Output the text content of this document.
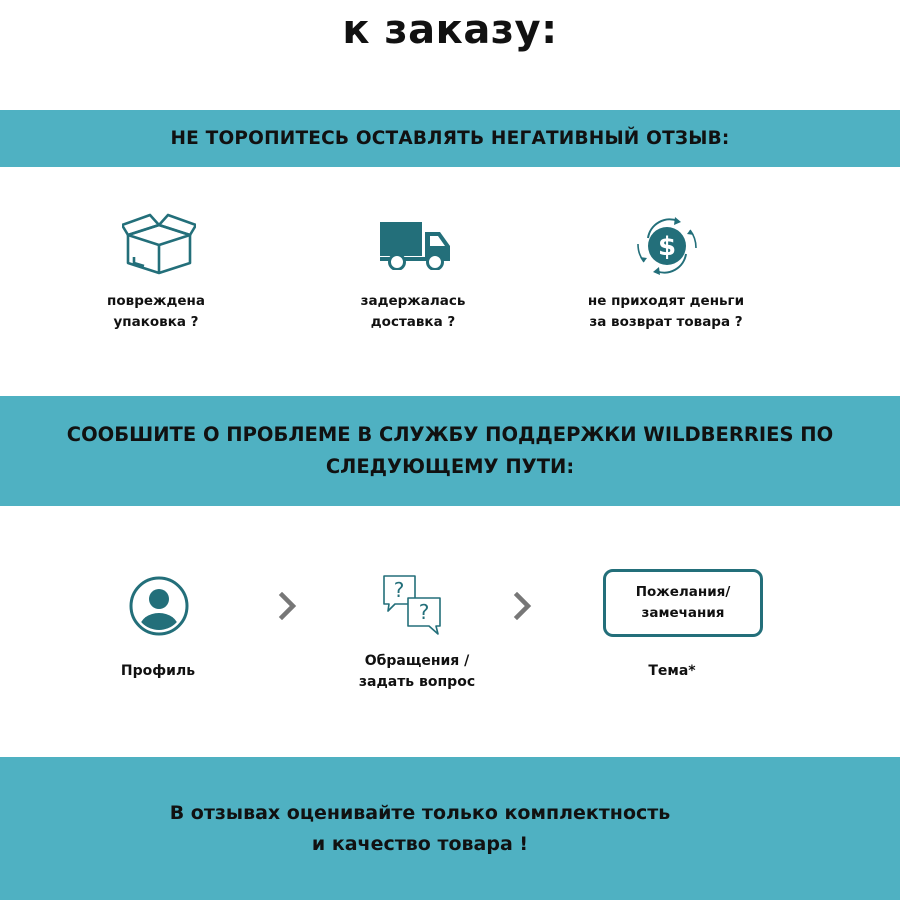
к заказу:
НЕ ТОРОПИТЕСЬ ОСТАВЛЯТЬ НЕГАТИВНЫЙ ОТЗЫВ:
повреждена
упаковка ?
задержалась
доставка ?
$
не приходят деньги
за возврат товара ?
СООБШИТЕ О ПРОБЛЕМЕ В СЛУЖБУ ПОДДЕРЖКИ WILDBERRIES ПО СЛЕДУЮЩЕМУ ПУТИ:
Профиль
?
?
Обращения /
задать вопрос
Пожелания/
замечания
Тема*
В отзывах оценивайте только комплектность
и качество товара !
